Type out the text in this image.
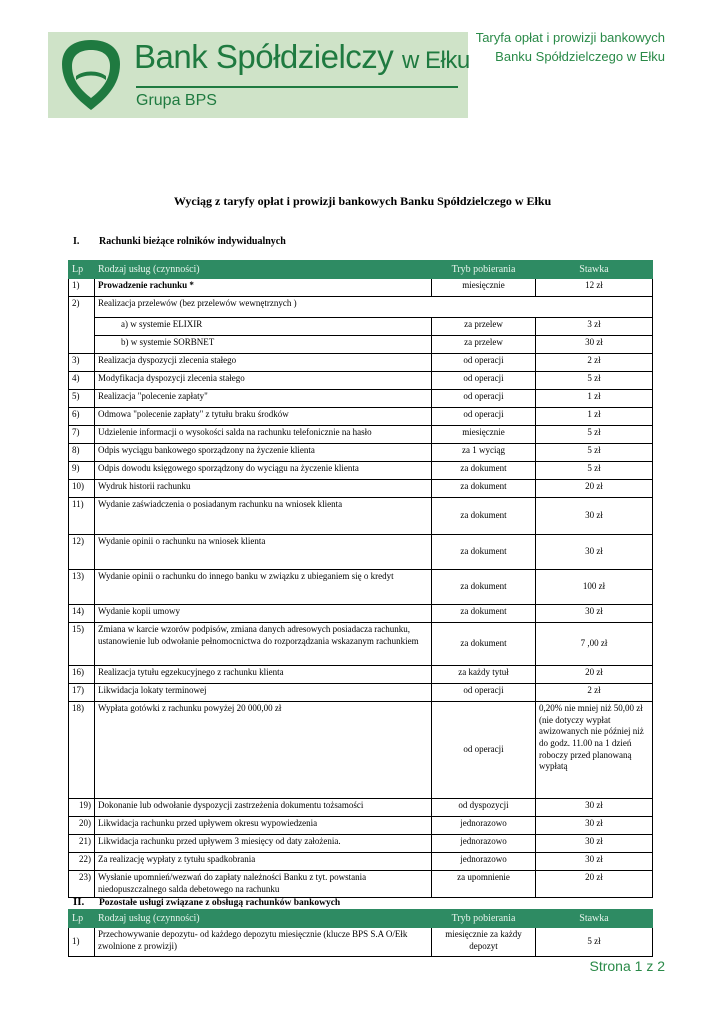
Bank Spółdzielczy w Ełku
Grupa BPS
Taryfa opłat i prowizji bankowych
Banku Spółdzielczego w Ełku
Wyciąg z taryfy opłat i prowizji bankowych Banku Spółdzielczego w Ełku
I. Rachunki bieżące rolników indywidualnych
Lp	Rodzaj usług (czynności)	Tryb pobierania	Stawka
1)	Prowadzenie rachunku *	miesięcznie	12 zł
2)	Realizacja przelewów (bez przelewów wewnętrznych )		
	a) w systemie ELIXIR	za przelew	3 zł
	b) w systemie SORBNET	za przelew	30 zł
3)	Realizacja dyspozycji zlecenia stałego	od operacji	2 zł
4)	Modyfikacja dyspozycji zlecenia stałego	od operacji	5 zł
5)	Realizacja "polecenie zapłaty"	od operacji	1 zł
6)	Odmowa "polecenie zapłaty" z tytułu braku środków	od operacji	1 zł
7)	Udzielenie informacji o wysokości salda na rachunku telefonicznie na hasło	miesięcznie	5 zł
8)	Odpis wyciągu bankowego sporządzony na życzenie klienta	za 1 wyciąg	5 zł
9)	Odpis dowodu księgowego sporządzony do wyciągu na życzenie klienta	za dokument	5 zł
10)	Wydruk historii rachunku	za dokument	20 zł
11)	Wydanie zaświadczenia o posiadanym rachunku na wniosek klienta	za dokument	30 zł
12)	Wydanie opinii o rachunku na wniosek klienta	za dokument	30 zł
13)	Wydanie opinii o rachunku do innego banku w związku z ubieganiem się o kredyt	za dokument	100 zł
14)	Wydanie kopii umowy	za dokument	30 zł
15)	Zmiana w karcie wzorów podpisów, zmiana danych adresowych posiadacza rachunku, ustanowienie lub odwołanie pełnomocnictwa do rozporządzania wskazanym rachunkiem	za dokument	7 ,00 zł
16)	Realizacja tytułu egzekucyjnego z rachunku klienta	za każdy tytuł	20 zł
17)	Likwidacja lokaty terminowej	od operacji	2 zł
18)	Wypłata gotówki z rachunku powyżej 20 000,00 zł	od operacji	0,20% nie mniej niż 50,00 zł (nie dotyczy wypłat awizowanych nie później niż do godz. 11.00 na 1 dzień roboczy przed planowaną wypłatą
19)	Dokonanie lub odwołanie dyspozycji zastrzeżenia dokumentu tożsamości	od dyspozycji	30 zł
20)	Likwidacja rachunku przed upływem okresu wypowiedzenia	jednorazowo	30 zł
21)	Likwidacja rachunku przed upływem 3 miesięcy od daty założenia.	jednorazowo	30 zł
22)	Za realizację wypłaty z tytułu spadkobrania	jednorazowo	30 zł
23)	Wysłanie upomnień/wezwań do zapłaty należności Banku z tyt. powstania niedopuszczalnego salda debetowego na rachunku	za upomnienie	20 zł
II. Pozostałe usługi związane z obsługą rachunków bankowych
Lp	Rodzaj usług (czynności)	Tryb pobierania	Stawka
1)	Przechowywanie depozytu- od każdego depozytu miesięcznie (klucze BPS S.A O/Ełk zwolnione z prowizji)	miesięcznie za każdy depozyt	5 zł
Strona 1 z 2
